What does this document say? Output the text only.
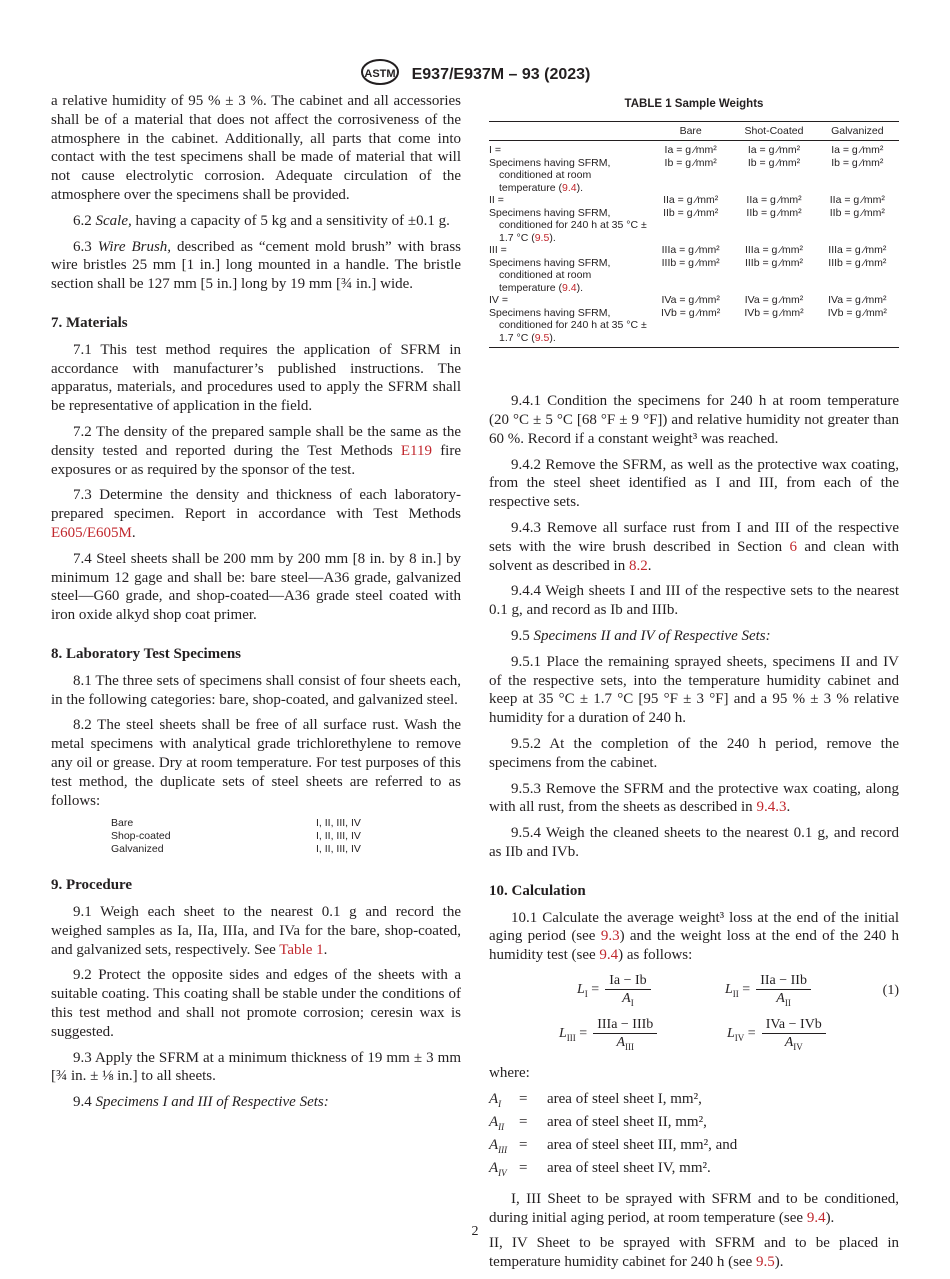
ASTM E937/E937M – 93 (2023)

a relative humidity of 95 % ± 3 %. The cabinet and all accessories shall be of a material that does not affect the corrosiveness of the atmosphere in the cabinet. Additionally, all parts that come into contact with the test specimens shall be made of material that will not cause electrolytic corrosion. Adequate circulation of the atmosphere over the specimens shall be provided.

6.2 Scale, having a capacity of 5 kg and a sensitivity of ±0.1 g.

6.3 Wire Brush, described as “cement mold brush” with brass wire bristles 25 mm [1 in.] long mounted in a handle. The bristle section shall be 127 mm [5 in.] long by 19 mm [¾ in.] wide.

7. Materials

7.1 This test method requires the application of SFRM in accordance with manufacturer’s published instructions. The apparatus, materials, and procedures used to apply the SFRM shall be representative of application in the field.

7.2 The density of the prepared sample shall be the same as the density tested and reported during the Test Methods E119 fire exposures or as required by the sponsor of the test.

7.3 Determine the density and thickness of each laboratory-prepared specimen. Report in accordance with Test Methods E605/E605M.

7.4 Steel sheets shall be 200 mm by 200 mm [8 in. by 8 in.] by minimum 12 gage and shall be: bare steel—A36 grade, galvanized steel—G60 grade, and shop-coated—A36 grade steel coated with iron oxide alkyd shop coat primer.

8. Laboratory Test Specimens

8.1 The three sets of specimens shall consist of four sheets each, in the following categories: bare, shop-coated, and galvanized steel.

8.2 The steel sheets shall be free of all surface rust. Wash the metal specimens with analytical grade trichlorethylene to remove any oil or grease. Dry at room temperature. For test purposes of this test method, the duplicate sets of steel sheets are referred to as follows:

Bare	I, II, III, IV
Shop-coated	I, II, III, IV
Galvanized	I, II, III, IV
9. Procedure

9.1 Weigh each sheet to the nearest 0.1 g and record the weighed samples as Ia, IIa, IIIa, and IVa for the bare, shop-coated, and galvanized sets, respectively. See Table 1.

9.2 Protect the opposite sides and edges of the sheets with a suitable coating. This coating shall be stable under the conditions of this test method and shall not promote corrosion; ceresin wax is suggested.

9.3 Apply the SFRM at a minimum thickness of 19 mm ± 3 mm [¾ in. ± ⅛ in.] to all sheets.

9.4 Specimens I and III of Respective Sets:

TABLE 1 Sample Weights
	Bare	Shot-Coated	Galvanized
I =	Ia = g ⁄mm²	Ia = g ⁄mm²	Ia = g ⁄mm²
Specimens having SFRM, conditioned at room temperature (9.4).	Ib = g ⁄mm²	Ib = g ⁄mm²	Ib = g ⁄mm²
II =	IIa = g ⁄mm²	IIa = g ⁄mm²	IIa = g ⁄mm²
Specimens having SFRM, conditioned for 240 h at 35 °C ± 1.7 °C (9.5).	IIb = g ⁄mm²	IIb = g ⁄mm²	IIb = g ⁄mm²
III =	IIIa = g ⁄mm²	IIIa = g ⁄mm²	IIIa = g ⁄mm²
Specimens having SFRM, conditioned at room temperature (9.4).	IIIb = g ⁄mm²	IIIb = g ⁄mm²	IIIb = g ⁄mm²
IV =	IVa = g ⁄mm²	IVa = g ⁄mm²	IVa = g ⁄mm²
Specimens having SFRM, conditioned for 240 h at 35 °C ± 1.7 °C (9.5).	IVb = g ⁄mm²	IVb = g ⁄mm²	IVb = g ⁄mm²

9.4.1 Condition the specimens for 240 h at room temperature (20 °C ± 5 °C [68 °F ± 9 °F]) and relative humidity not greater than 60 %. Record if a constant weight³ was reached.

9.4.2 Remove the SFRM, as well as the protective wax coating, from the steel sheet identified as I and III, from each of the respective sets.

9.4.3 Remove all surface rust from I and III of the respective sets with the wire brush described in Section 6 and clean with solvent as described in 8.2.

9.4.4 Weigh sheets I and III of the respective sets to the nearest 0.1 g, and record as Ib and IIIb.

9.5 Specimens II and IV of Respective Sets:

9.5.1 Place the remaining sprayed sheets, specimens II and IV of the respective sets, into the temperature humidity cabinet and keep at 35 °C ± 1.7 °C [95 °F ± 3 °F] and a 95 % ± 3 % relative humidity for a duration of 240 h.

9.5.2 At the completion of the 240 h period, remove the specimens from the cabinet.

9.5.3 Remove the SFRM and the protective wax coating, along with all rust, from the sheets as described in 9.4.3.

9.5.4 Weigh the cleaned sheets to the nearest 0.1 g, and record as IIb and IVb.

10. Calculation

10.1 Calculate the average weight³ loss at the end of the initial aging period (see 9.3) and the weight loss at the end of the 240 h humidity test (see 9.4) as follows:

$L_I = \frac{Ia - Ib}{A_I}$	$L_{II} = \frac{\text{IIa − IIb}}{A_{II}}$	(1)
$L_{III} = \frac{\text{IIIa − IIIb}}{A_{III}}$	$L_{IV} = \frac{\text{IVa − IVb}}{A_{IV}}$

where:

$A_I$	=	area of steel sheet I, mm²,
$A_{II}$ =	area of steel sheet II, mm²,
$A_{III}$ =	area of steel sheet III, mm², and
$A_{IV}$ =	area of steel sheet IV, mm².

I, III Sheet to be sprayed with SFRM and to be conditioned, during initial aging period, at room temperature (see 9.4).

II, IV Sheet to be sprayed with SFRM and to be placed in temperature humidity cabinet for 240 h (see 9.5).

2
